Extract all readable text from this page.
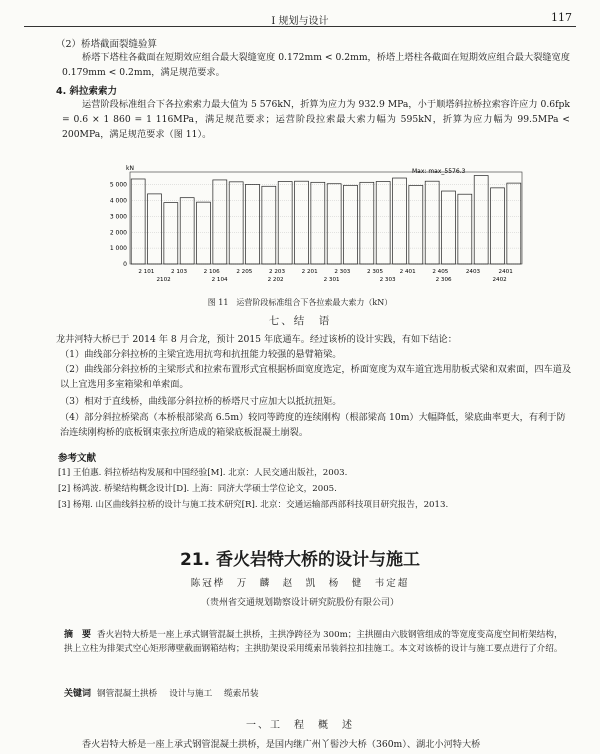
Ⅰ 规划与设计	117
（2）桥塔截面裂缝验算

桥塔下塔柱各截面在短期效应组合最大裂缝宽度 0.172mm < 0.2mm，桥塔上塔柱各截面在短期效应组合最大裂缝宽度 0.179mm < 0.2mm，满足规范要求。

4. 斜拉索索力

运营阶段标准组合下各拉索索力最大值为 5 576kN，折算为应力为 932.9 MPa，小于顺塔斜拉桥拉索容许应力 0.6fpk = 0.6 × 1 860 = 1 116MPa，满足规范要求；运营阶段拉索最大索力幅为 595kN，折算为应力幅为 99.5MPa < 200MPa，满足规范要求（图 11）。

kN	Max: max_5576.3
0
1 000
2 000
3 000
4 000
5 000
2 101	2 103	2 106	2 205	2 203	2 201	2 303	2 305	2 401	2 405	2403	2401
2102	2 104	2 202	2 301	2 303	2 306	2402
图 11　运营阶段标准组合下各拉索最大索力（kN）
七、结　语

龙井河特大桥已于 2014 年 8 月合龙，预计 2015 年底通车。经过该桥的设计实践，有如下结论：

（1）曲线部分斜拉桥的主梁宜选用抗弯和抗扭能力较强的悬臂箱梁。

（2）曲线部分斜拉桥的主梁形式和拉索布置形式宜根据桥面宽度选定，桥面宽度为双车道宜选用肋板式梁和双索面，四车道及以上宜选用多室箱梁和单索面。

（3）相对于直线桥，曲线部分斜拉桥的桥塔尺寸应加大以抵抗扭矩。

（4）部分斜拉桥梁高（本桥根部梁高 6.5m）较同等跨度的连续刚构（根部梁高 10m）大幅降低，梁底曲率更大，有利于防治连续刚构桥的底板钢束张拉所造成的箱梁底板混凝土崩裂。

参考文献
[1] 王伯惠. 斜拉桥结构发展和中国经验[M]. 北京：人民交通出版社，2003.
[2] 杨鸿波. 桥梁结构概念设计[D]. 上海：同济大学硕士学位论文，2005.
[3] 杨翔. 山区曲线斜拉桥的设计与施工技术研究[R]. 北京：交通运输部西部科技项目研究报告，2013.
21. 香火岩特大桥的设计与施工
陈冠桦　万　麟　赵　凯　杨　健　韦定超
（贵州省交通规划勘察设计研究院股份有限公司）

摘　要 香火岩特大桥是一座上承式钢管混凝土拱桥，主拱净跨径为 300m；主拱圈由六肢钢管组成的等宽度变高度空间桁架结构，拱上立柱为排架式空心矩形薄壁截面钢箱结构；主拱肋架设采用缆索吊装斜拉扣挂施工。本文对该桥的设计与施工要点进行了介绍。

关键词 钢管混凝土拱桥 设计与施工 缆索吊装
一、工　程　概　述
香火岩特大桥是一座上承式钢管混凝土拱桥，是国内继广州丫髻沙大桥（360m）、湖北小河特大桥
